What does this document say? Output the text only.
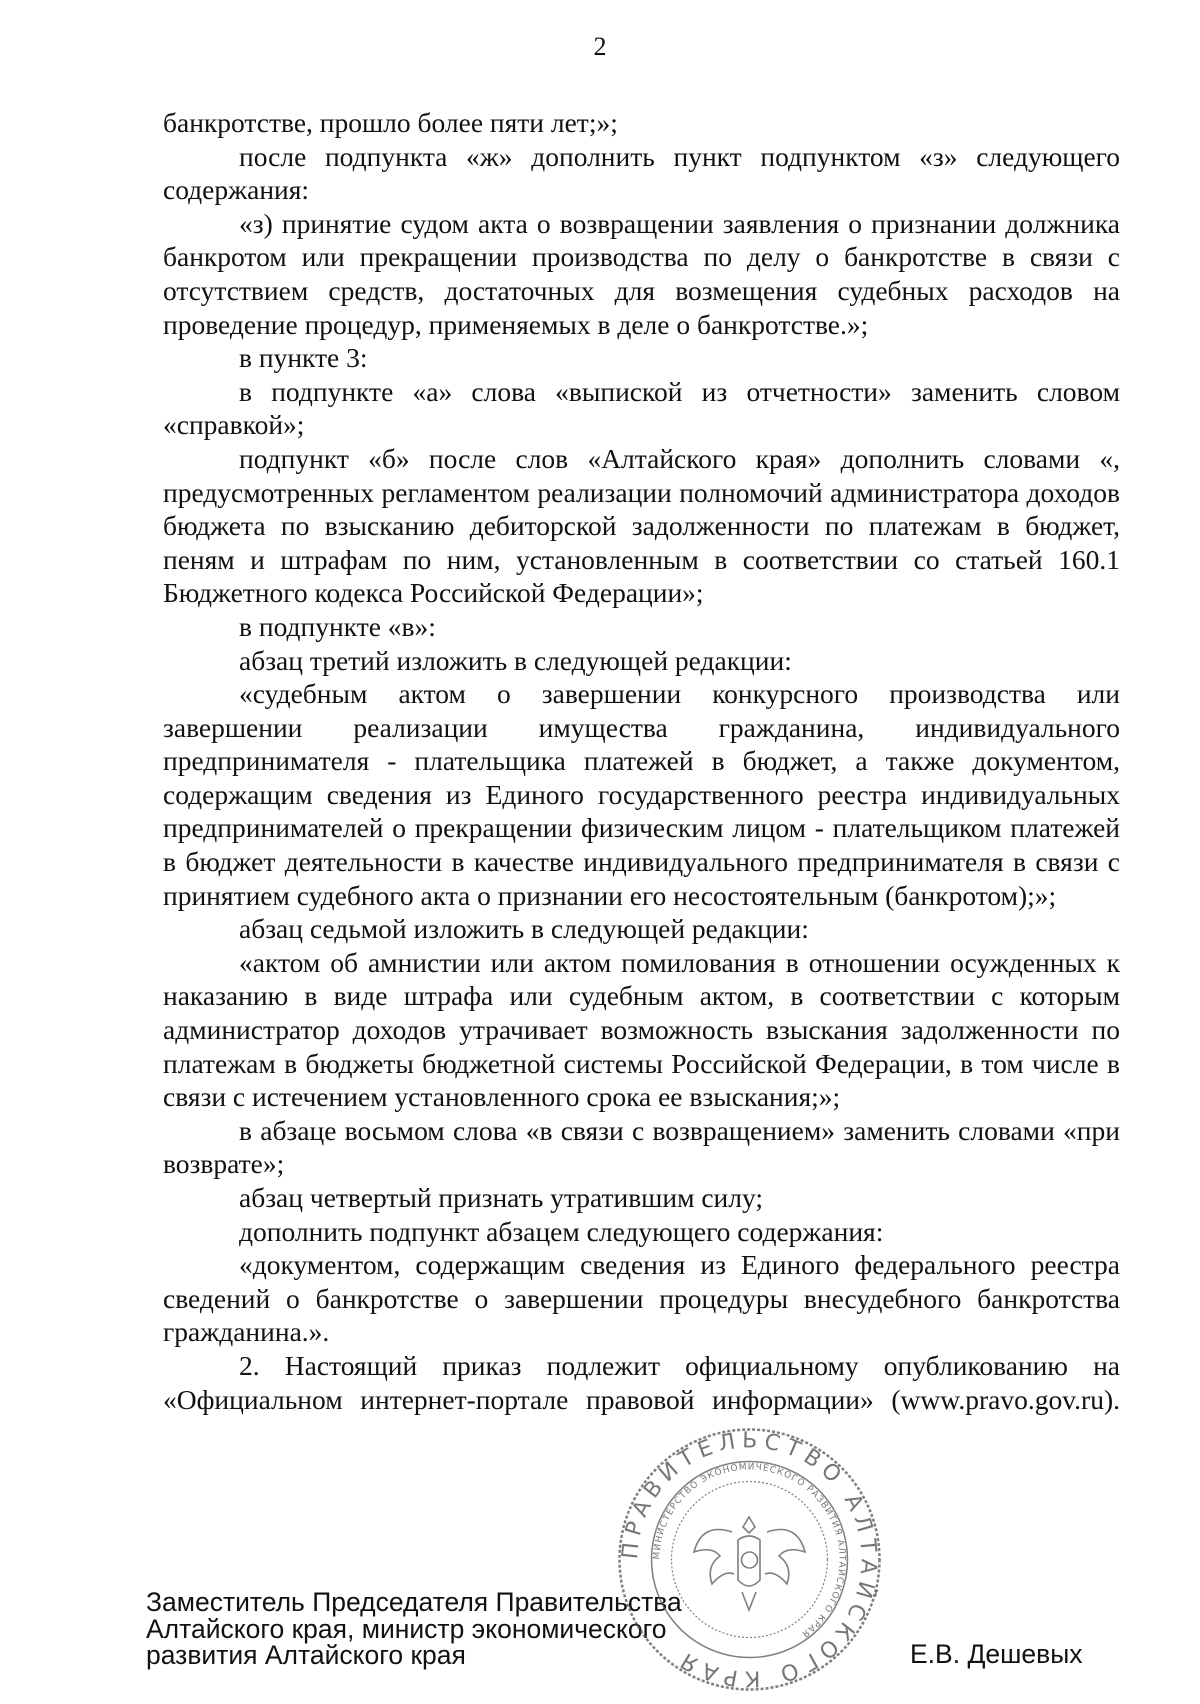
2

банкротстве, прошло более пяти лет;»;

после подпункта «ж» дополнить пункт подпунктом «з» следующего содержания:

«з) принятие судом акта о возвращении заявления о признании должника банкротом или прекращении производства по делу о банкротстве в связи с отсутствием средств, достаточных для возмещения судебных расходов на проведение процедур, применяемых в деле о банкротстве.»;

в пункте 3:

в подпункте «а» слова «выпиской из отчетности» заменить словом «справкой»;

подпункт «б» после слов «Алтайского края» дополнить словами «, предусмотренных регламентом реализации полномочий администратора доходов бюджета по взысканию дебиторской задолженности по платежам в бюджет, пеням и штрафам по ним, установленным в соответствии со статьей 160.1 Бюджетного кодекса Российской Федерации»;

в подпункте «в»:

абзац третий изложить в следующей редакции:

«судебным актом о завершении конкурсного производства или завершении реализации имущества гражданина, индивидуального предпринимателя - плательщика платежей в бюджет, а также документом, содержащим сведения из Единого государственного реестра индивидуальных предпринимателей о прекращении физическим лицом - плательщиком платежей в бюджет деятельности в качестве индивидуального предпринимателя в связи с принятием судебного акта о признании его несостоятельным (банкротом);»;

абзац седьмой изложить в следующей редакции:

«актом об амнистии или актом помилования в отношении осужденных к наказанию в виде штрафа или судебным актом, в соответствии с которым администратор доходов утрачивает возможность взыскания задолженности по платежам в бюджеты бюджетной системы Российской Федерации, в том числе в связи с истечением установленного срока ее взыскания;»;

в абзаце восьмом слова «в связи с возвращением» заменить словами «при возврате»;

абзац четвертый признать утратившим силу;

дополнить подпункт абзацем следующего содержания:

«документом, содержащим сведения из Единого федерального реестра сведений о банкротстве о завершении процедуры внесудебного банкротства гражданина.».

2. Настоящий приказ подлежит официальному опубликованию на «Официальном интернет-портале правовой информации» (www.pravo.gov.ru).

Заместитель Председателя Правительства
Алтайского края, министр экономического
развития Алтайского края	Е.В. Дешевых
ПРАВИТЕЛЬСТВО АЛТАЙСКОГО КРАЯ
МИНИСТЕРСТВО ЭКОНОМИЧЕСКОГО РАЗВИТИЯ АЛТАЙСКОГО КРАЯ
